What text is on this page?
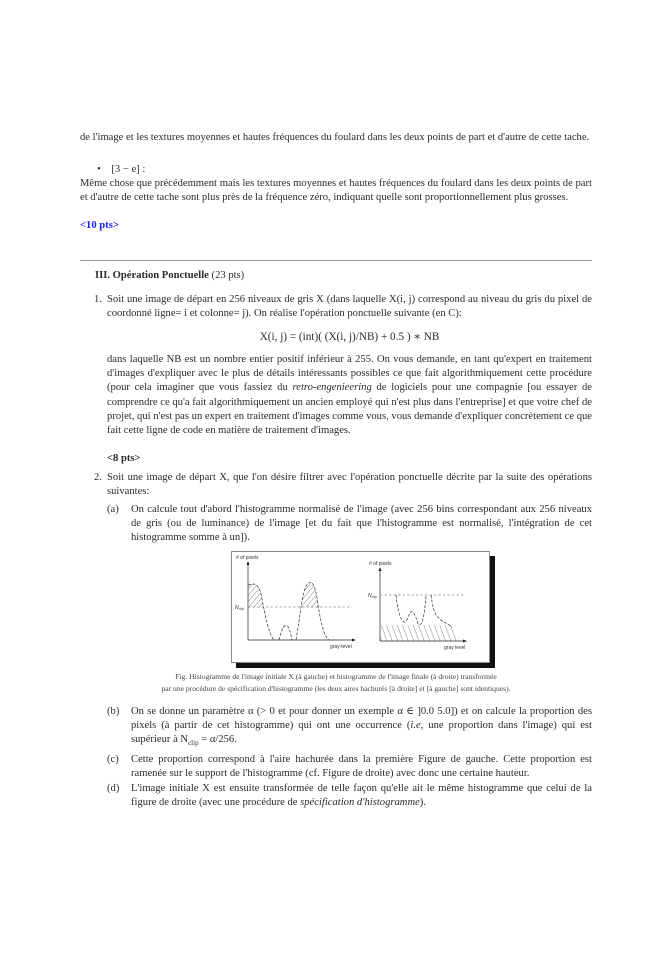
de l'image et les textures moyennes et hautes fréquences du foulard dans les deux points de part et d'autre de cette tache.
• [3 − e] :
Même chose que précédemment mais les textures moyennes et hautes fréquences du foulard dans les deux points de part et d'autre de cette tache sont plus près de la fréquence zéro, indiquant quelle sont proportionnellement plus grosses.
<10 pts>
III. Opération Ponctuelle (23 pts)
1. Soit une image de départ en 256 niveaux de gris X (dans laquelle X(i, j) correspond au niveau du gris du pixel de coordonné ligne= i et colonne= j). On réalise l'opération ponctuelle suivante (en C):
X(i, j) = (int)( (X(i, j)/NB) + 0.5 ) ∗ NB
dans laquelle NB est un nombre entier positif inférieur à 255. On vous demande, en tant qu'expert en traitement d'images d'expliquer avec le plus de détails intéressants possibles ce que fait algorithmiquement cette procédure (pour cela imaginer que vous fassiez du retro-engenieering de logiciels pour une compagnie [ou essayer de comprendre ce qu'a fait algorithmiquement un ancien employé qui n'est plus dans l'entreprise] et que votre chef de projet, qui n'est pas un expert en traitement d'images comme vous, vous demande d'expliquer concrètement ce que fait cette ligne de code en matière de traitement d'images.
<8 pts>
2. Soit une image de départ X, que l'on désire filtrer avec l'opération ponctuelle décrite par la suite des opérations suivantes:
(a) On calcule tout d'abord l'histogramme normalisé de l'image (avec 256 bins correspondant aux 256 niveaux de gris (ou de luminance) de l'image [et du fait que l'histogramme est normalisé, l'intégration de cet histogramme somme à un]).
# of pixels
gray-level
$N_{clip}$
# of pixels
gray level
$N_{clip}$
Fig. Histogramme de l'image initiale X (à gauche) et histogramme de l'image finale (à droite) transformée
par une procédure de spécification d'histogramme (les deux aires hachurés [à droite] et [à gauche] sont identiques).
(b) On se donne un paramètre α (> 0 et pour donner un exemple α ∈ ]0.0 5.0]) et on calcule la proportion des pixels (à partir de cet histogramme) qui ont une occurrence (i.e, une proportion dans l'image) qui est supérieur à $N_{clip} = \alpha/256$.
(c) Cette proportion correspond à l'aire hachurée dans la première Figure de gauche. Cette proportion est ramenée sur le support de l'histogramme (cf. Figure de droite) avec donc une certaine hauteur.
(d) L'image initiale X est ensuite transformée de telle façon qu'elle ait le même histogramme que celui de la figure de droite (avec une procédure de spécification d'histogramme).
